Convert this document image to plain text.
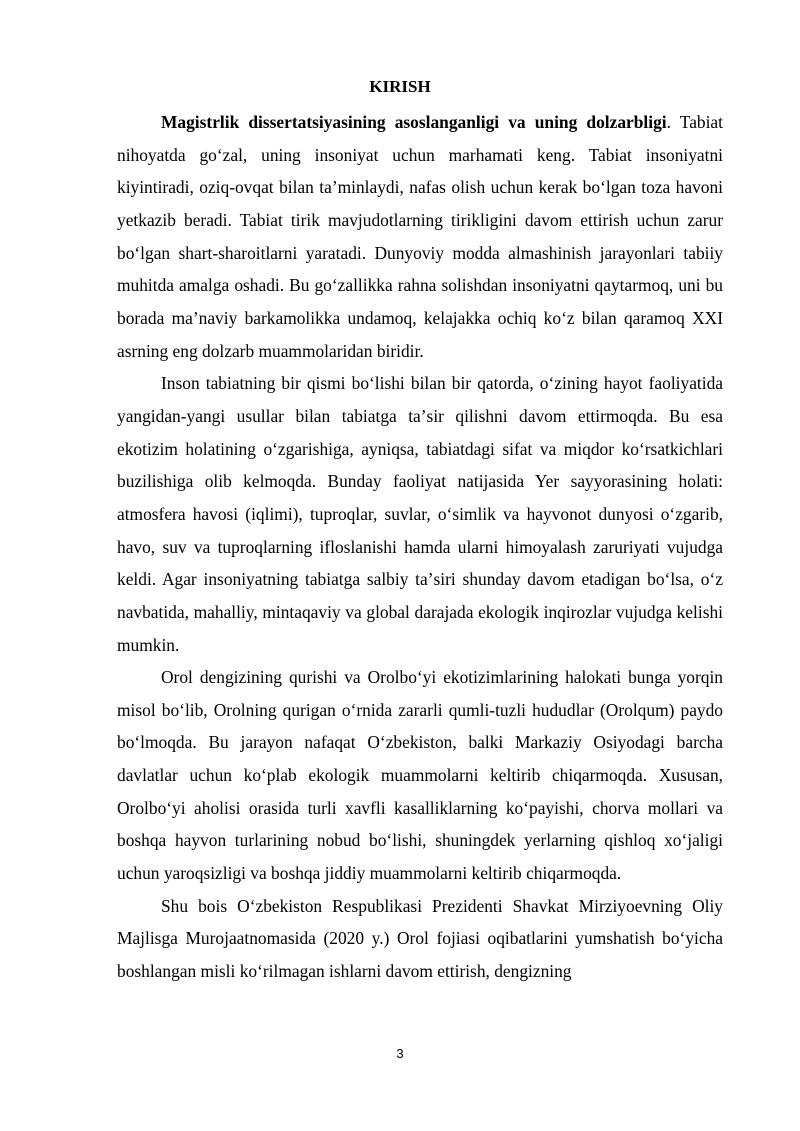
KIRISH

Magistrlik dissertatsiyasining asoslanganligi va uning dolzarbligi. Tabiat nihoyatda goʻzal, uning insoniyat uchun marhamati keng. Tabiat insoniyatni kiyintiradi, oziq-ovqat bilan taʼminlaydi, nafas olish uchun kerak boʻlgan toza havoni yetkazib beradi. Tabiat tirik mavjudotlarning tirikligini davom ettirish uchun zarur boʻlgan shart-sharoitlarni yaratadi. Dunyoviy modda almashinish jarayonlari tabiiy muhitda amalga oshadi. Bu goʻzallikka rahna solishdan insoniyatni qaytarmoq, uni bu borada maʼnaviy barkamolikka undamoq, kelajakka ochiq koʻz bilan qaramoq XXI asrning eng dolzarb muammolaridan biridir.

Inson tabiatning bir qismi boʻlishi bilan bir qatorda, oʻzining hayot faoliyatida yangidan-yangi usullar bilan tabiatga taʼsir qilishni davom ettirmoqda. Bu esa ekotizim holatining oʻzgarishiga, ayniqsa, tabiatdagi sifat va miqdor koʻrsatkichlari buzilishiga olib kelmoqda. Bunday faoliyat natijasida Yer sayyorasining holati: atmosfera havosi (iqlimi), tuproqlar, suvlar, oʻsimlik va hayvonot dunyosi oʻzgarib, havo, suv va tuproqlarning ifloslanishi hamda ularni himoyalash zaruriyati vujudga keldi. Agar insoniyatning tabiatga salbiy taʼsiri shunday davom etadigan boʻlsa, oʻz navbatida, mahalliy, mintaqaviy va global darajada ekologik inqirozlar vujudga kelishi mumkin.

Orol dengizining qurishi va Orolboʻyi ekotizimlarining halokati bunga yorqin misol boʻlib, Orolning qurigan oʻrnida zararli qumli-tuzli hududlar (Orolqum) paydo boʻlmoqda. Bu jarayon nafaqat Oʻzbekiston, balki Markaziy Osiyodagi barcha davlatlar uchun koʻplab ekologik muammolarni keltirib chiqarmoqda. Xususan, Orolboʻyi aholisi orasida turli xavfli kasalliklarning koʻpayishi, chorva mollari va boshqa hayvon turlarining nobud boʻlishi, shuningdek yerlarning qishloq xoʻjaligi uchun yaroqsizligi va boshqa jiddiy muammolarni keltirib chiqarmoqda.

Shu bois Oʻzbekiston Respublikasi Prezidenti Shavkat Mirziyoevning Oliy Majlisga Murojaatnomasida (2020 y.) Orol fojiasi oqibatlarini yumshatish boʻyicha boshlangan misli koʻrilmagan ishlarni davom ettirish, dengizning

3
